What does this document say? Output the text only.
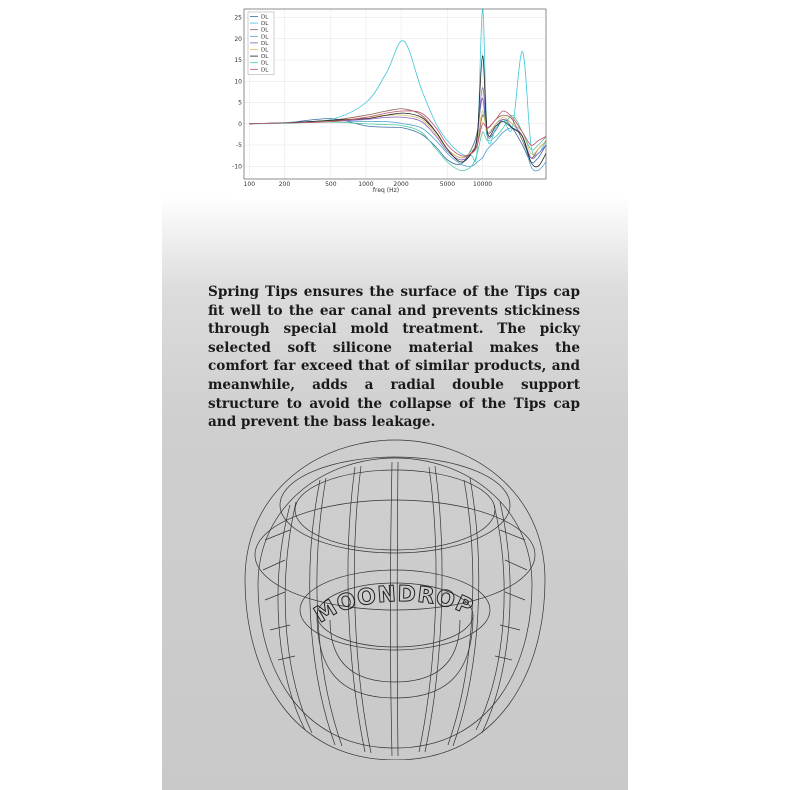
100	200	500	1000	2000	5000	10000
25
20
15
10
5
0
-5
-10
DL
DL
DL
DL
DL
DL
DL
DL
DL
freq (Hz)

Spring Tips ensures the surface of the Tips cap fit well to the ear canal and prevents stickiness through special mold treatment. The picky selected soft silicone material makes the comfort far exceed that of similar products, and meanwhile, adds a radial double support structure to avoid the collapse of the Tips cap and prevent the bass leakage.

MOONDROP
